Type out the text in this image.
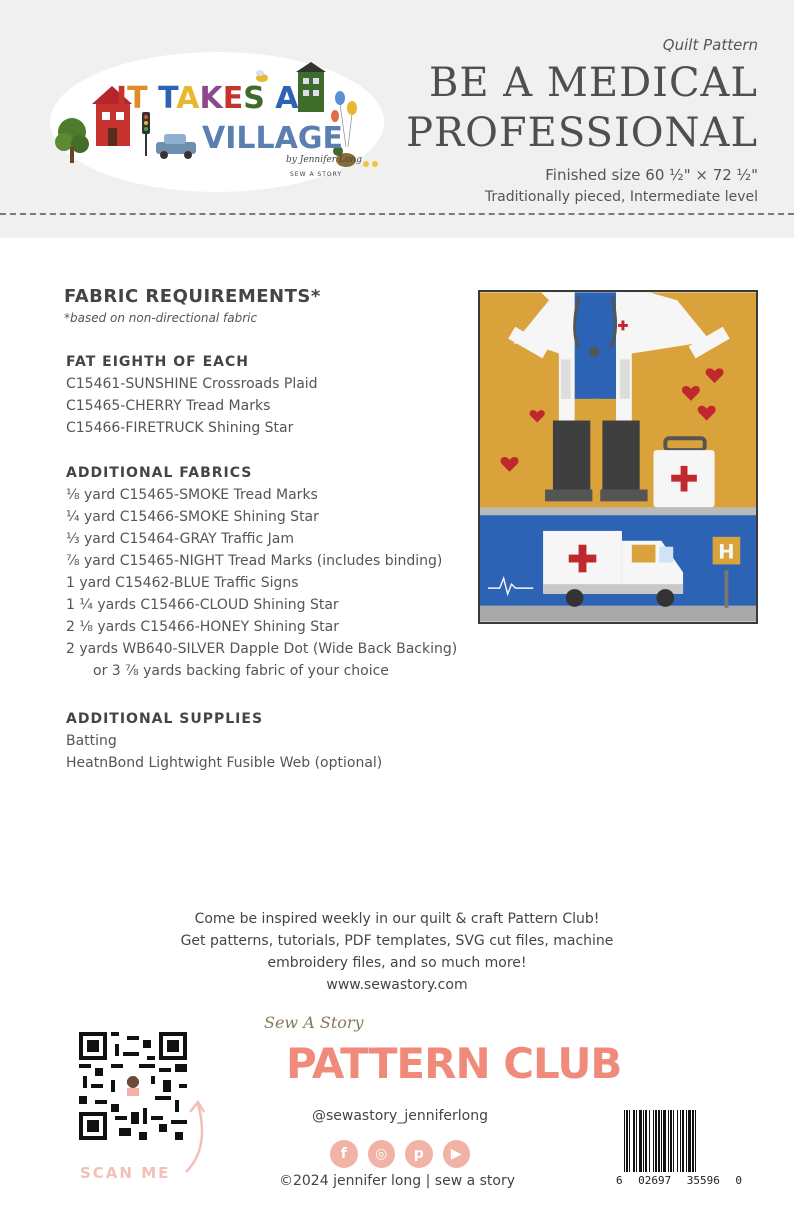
IT TAKES A
VILLAGE
by Jennifer Long
SEW A STORY
Quilt Pattern
BE A MEDICAL
PROFESSIONAL
Finished size 60 ½" × 72 ½"
Traditionally pieced, Intermediate level
FABRIC REQUIREMENTS*
*based on non-directional fabric
FAT EIGHTH OF EACH
C15461-SUNSHINE Crossroads Plaid
C15465-CHERRY Tread Marks
C15466-FIRETRUCK Shining Star
ADDITIONAL FABRICS
⅛ yard C15465-SMOKE Tread Marks
¼ yard C15466-SMOKE Shining Star
⅓ yard C15464-GRAY Traffic Jam
⅞ yard C15465-NIGHT Tread Marks (includes binding)
1 yard C15462-BLUE Traffic Signs
1 ¼ yards C15466-CLOUD Shining Star
2 ⅛ yards C15466-HONEY Shining Star
2 yards WB640-SILVER Dapple Dot (Wide Back Backing)
or 3 ⅞ yards backing fabric of your choice
ADDITIONAL SUPPLIES
Batting
HeatnBond Lightwight Fusible Web (optional)
H
Come be inspired weekly in our quilt & craft Pattern Club!
Get patterns, tutorials, PDF templates, SVG cut files, machine
embroidery files, and so much more!
www.sewastory.com
SCAN ME
Sew A Story
PATTERN CLUB
@sewastory_jenniferlong
f	◎	p	▶
©2024 jennifer long | sew a story	6 02697 35596 0
